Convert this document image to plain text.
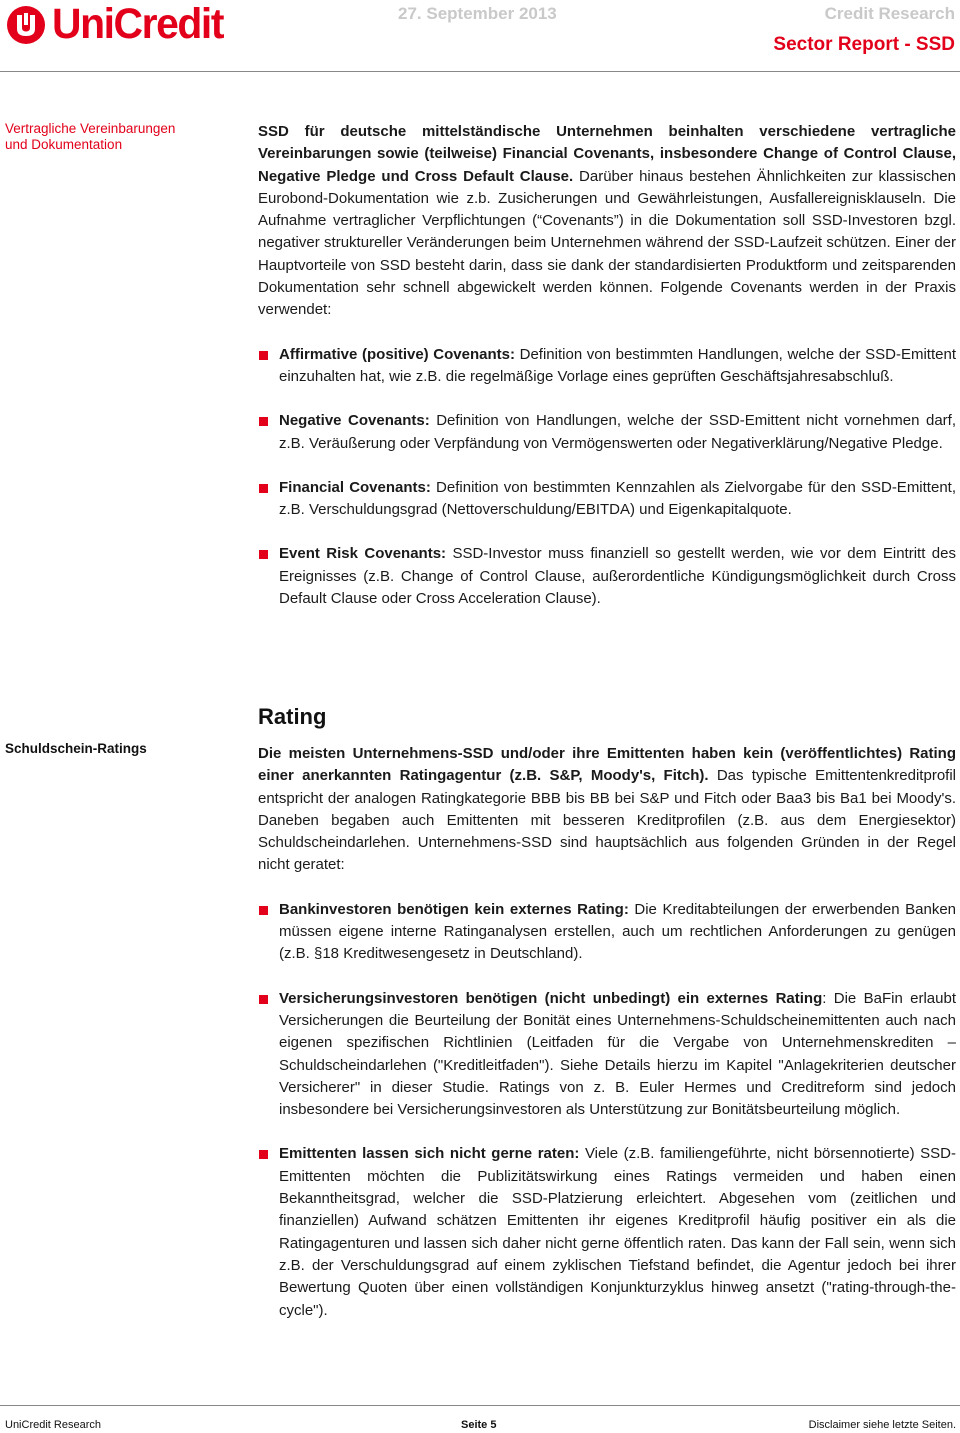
UniCredit	27. September 2013	Credit Research
Sector Report - SSD
Vertragliche Vereinbarungen und Dokumentation
Schuldschein-Ratings

SSD für deutsche mittelständische Unternehmen beinhalten verschiedene vertragliche Vereinbarungen sowie (teilweise) Financial Covenants, insbesondere Change of Control Clause, Negative Pledge und Cross Default Clause. Darüber hinaus bestehen Ähnlichkeiten zur klassischen Eurobond-Dokumentation wie z.b. Zusicherungen und Gewährleistungen, Ausfallereignisklauseln. Die Aufnahme vertraglicher Verpflichtungen (“Covenants”) in die Dokumentation soll SSD-Investoren bzgl. negativer struktureller Veränderungen beim Unternehmen während der SSD-Laufzeit schützen. Einer der Hauptvorteile von SSD besteht darin, dass sie dank der standardisierten Produktform und zeitsparenden Dokumentation sehr schnell abgewickelt werden können. Folgende Covenants werden in der Praxis verwendet:

Affirmative (positive) Covenants: Definition von bestimmten Handlungen, welche der SSD-Emittent einzuhalten hat, wie z.B. die regelmäßige Vorlage eines geprüften Geschäftsjahresabschluß.
Negative Covenants: Definition von Handlungen, welche der SSD-Emittent nicht vornehmen darf, z.B. Veräußerung oder Verpfändung von Vermögenswerten oder Negativerklärung/Negative Pledge.
Financial Covenants: Definition von bestimmten Kennzahlen als Zielvorgabe für den SSD-Emittent, z.B. Verschuldungsgrad (Nettoverschuldung/EBITDA) und Eigenkapitalquote.
Event Risk Covenants: SSD-Investor muss finanziell so gestellt werden, wie vor dem Eintritt des Ereignisses (z.B. Change of Control Clause, außerordentliche Kündigungsmöglichkeit durch Cross Default Clause oder Cross Acceleration Clause).
Rating

Die meisten Unternehmens-SSD und/oder ihre Emittenten haben kein (veröffentlichtes) Rating einer anerkannten Ratingagentur (z.B. S&P, Moody's, Fitch). Das typische Emittentenkreditprofil entspricht der analogen Ratingkategorie BBB bis BB bei S&P und Fitch oder Baa3 bis Ba1 bei Moody's. Daneben begaben auch Emittenten mit besseren Kreditprofilen (z.B. aus dem Energiesektor) Schuldscheindarlehen. Unternehmens-SSD sind hauptsächlich aus folgenden Gründen in der Regel nicht geratet:

Bankinvestoren benötigen kein externes Rating: Die Kreditabteilungen der erwerbenden Banken müssen eigene interne Ratinganalysen erstellen, auch um rechtlichen Anforderungen zu genügen (z.B. §18 Kreditwesengesetz in Deutschland).
Versicherungsinvestoren benötigen (nicht unbedingt) ein externes Rating: Die BaFin erlaubt Versicherungen die Beurteilung der Bonität eines Unternehmens-Schuldscheinemittenten auch nach eigenen spezifischen Richtlinien (Leitfaden für die Vergabe von Unternehmenskrediten – Schuldscheindarlehen ("Kreditleitfaden"). Siehe Details hierzu im Kapitel "Anlagekriterien deutscher Versicherer" in dieser Studie. Ratings von z. B. Euler Hermes und Creditreform sind jedoch insbesondere bei Versicherungsinvestoren als Unterstützung zur Bonitätsbeurteilung möglich.
Emittenten lassen sich nicht gerne raten: Viele (z.B. familiengeführte, nicht börsennotierte) SSD-Emittenten möchten die Publizitätswirkung eines Ratings vermeiden und haben einen Bekanntheitsgrad, welcher die SSD-Platzierung erleichtert. Abgesehen vom (zeitlichen und finanziellen) Aufwand schätzen Emittenten ihr eigenes Kreditprofil häufig positiver ein als die Ratingagenturen und lassen sich daher nicht gerne öffentlich raten. Das kann der Fall sein, wenn sich z.B. der Verschuldungsgrad auf einem zyklischen Tiefstand befindet, die Agentur jedoch bei ihrer Bewertung Quoten über einen vollständigen Konjunkturzyklus hinweg ansetzt ("rating-through-the-cycle").
UniCredit Research	Seite 5	Disclaimer siehe letzte Seiten.
